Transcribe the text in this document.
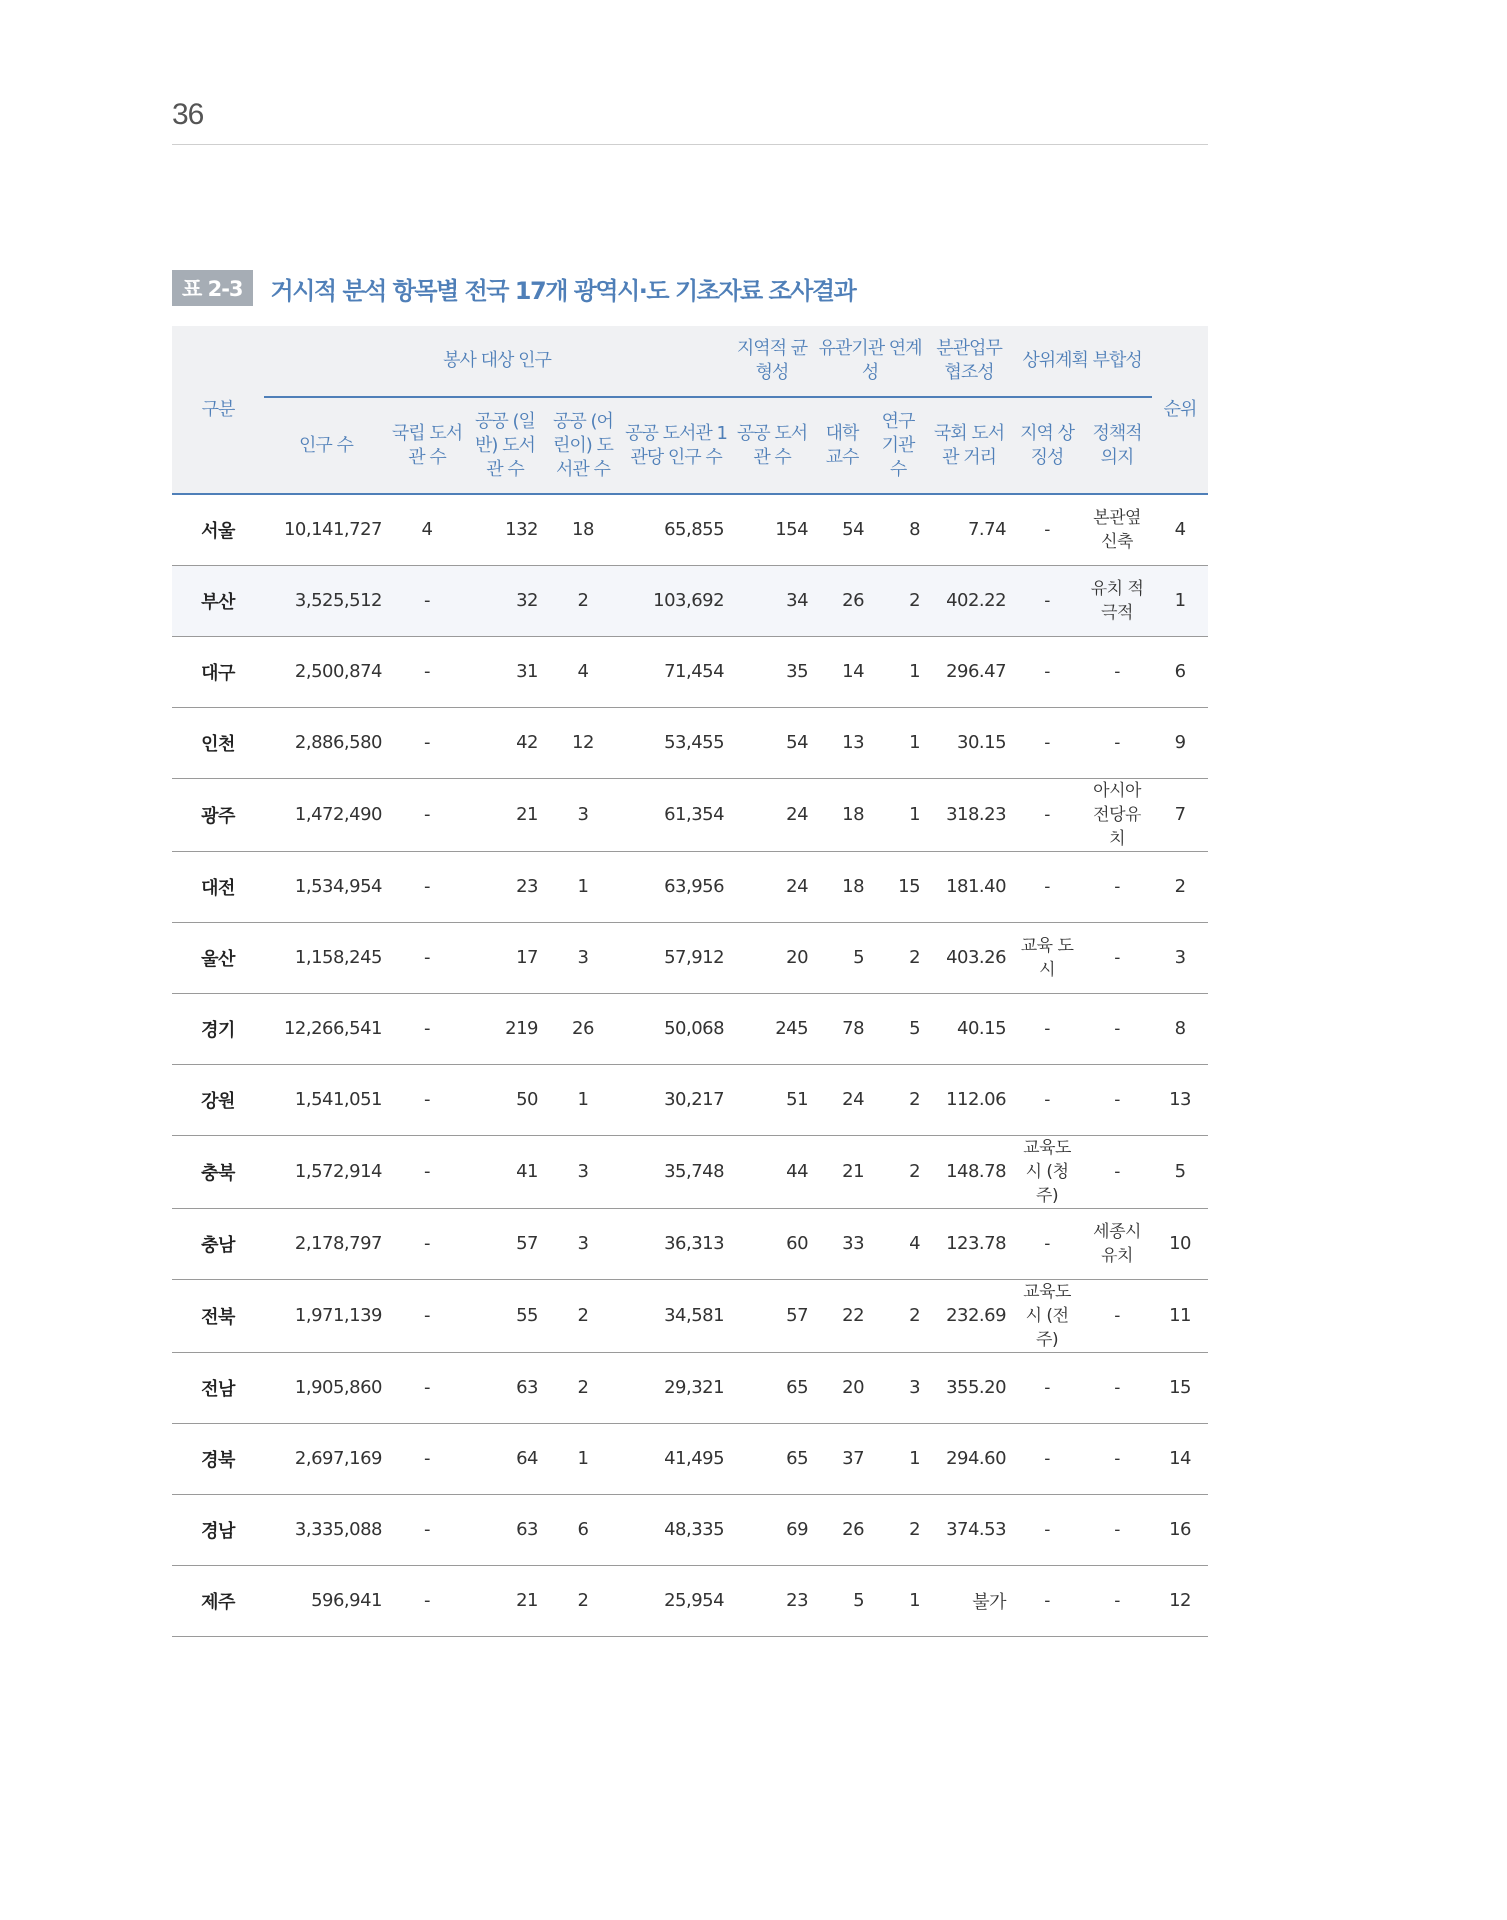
36
표 2-3	거시적 분석 항목별 전국 17개 광역시·도 기초자료 조사결과
구분	봉사 대상 인구					지역적 균형성	유관기관 연계성		분관업무 협조성	상위계획 부합성		순위
	인구 수	국립 도서관 수	공공 (일반) 도서관 수	공공 (어린이) 도서관 수	공공 도서관 1관당 인구 수	공공 도서관 수	대학 교수	연구 기관 수	국회 도서관 거리	지역 상징성	정책적 의지	
서울	10,141,727	4	132	18	65,855	154	54	8	7.74	-	본관옆 신축	4
부산	3,525,512	-	32	2	103,692	34	26	2	402.22	-	유치 적극적	1
대구	2,500,874	-	31	4	71,454	35	14	1	296.47	-	-	6
인천	2,886,580	-	42	12	53,455	54	13	1	30.15	-	-	9
광주	1,472,490	-	21	3	61,354	24	18	1	318.23	-	아시아 전당유치	7
대전	1,534,954	-	23	1	63,956	24	18	15	181.40	-	-	2
울산	1,158,245	-	17	3	57,912	20	5	2	403.26	교육 도시	-	3
경기	12,266,541	-	219	26	50,068	245	78	5	40.15	-	-	8
강원	1,541,051	-	50	1	30,217	51	24	2	112.06	-	-	13
충북	1,572,914	-	41	3	35,748	44	21	2	148.78	교육도시 (청주)	-	5
충남	2,178,797	-	57	3	36,313	60	33	4	123.78	-	세종시 유치	10
전북	1,971,139	-	55	2	34,581	57	22	2	232.69	교육도시 (전주)	-	11
전남	1,905,860	-	63	2	29,321	65	20	3	355.20	-	-	15
경북	2,697,169	-	64	1	41,495	65	37	1	294.60	-	-	14
경남	3,335,088	-	63	6	48,335	69	26	2	374.53	-	-	16
제주	596,941	-	21	2	25,954	23	5	1	불가	-	-	12
